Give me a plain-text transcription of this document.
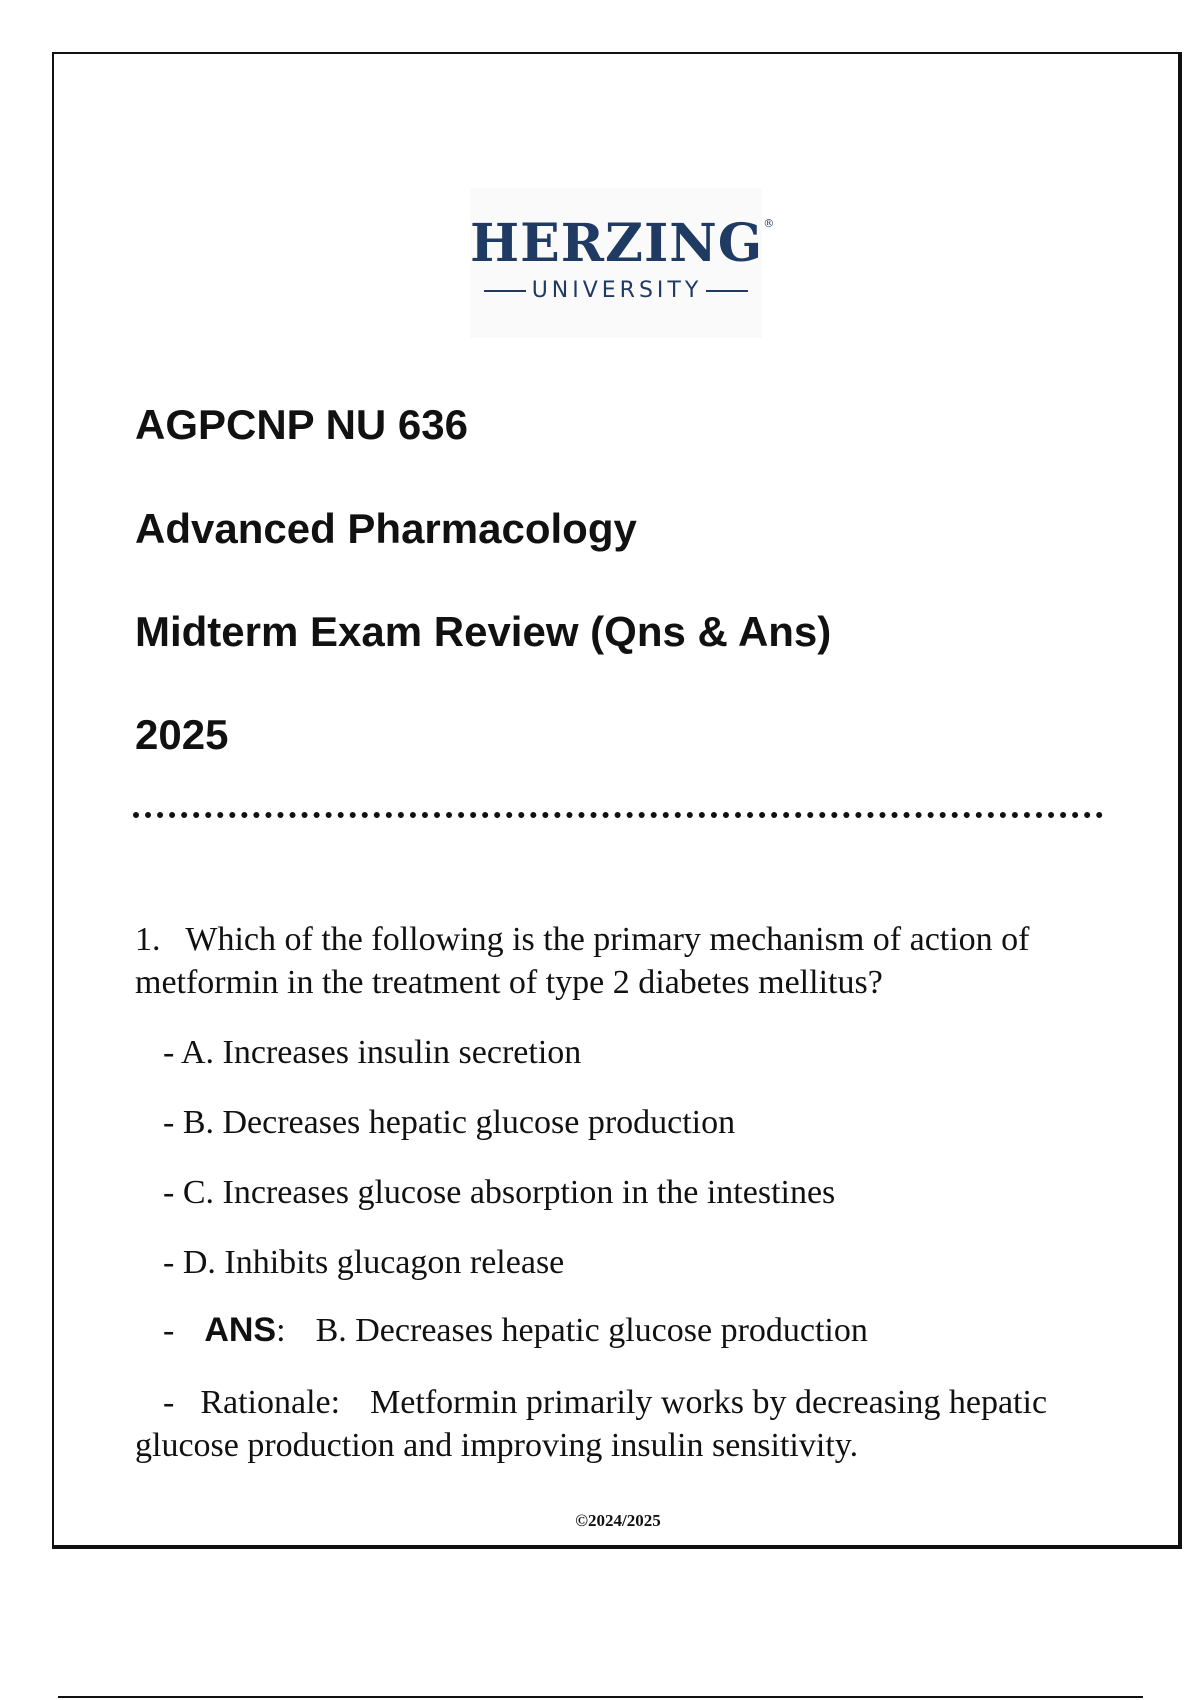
HERZING®
UNIVERSITY
AGPCNP NU 636
Advanced Pharmacology
Midterm Exam Review (Qns & Ans)
2025

1. Which of the following is the primary mechanism of action of metformin in the treatment of type 2 diabetes mellitus?

- A. Increases insulin secretion

- B. Decreases hepatic glucose production

- C. Increases glucose absorption in the intestines

- D. Inhibits glucagon release

- ANS: B. Decreases hepatic glucose production

- Rationale: Metformin primarily works by decreasing hepatic glucose production and improving insulin sensitivity.

©2024/2025
